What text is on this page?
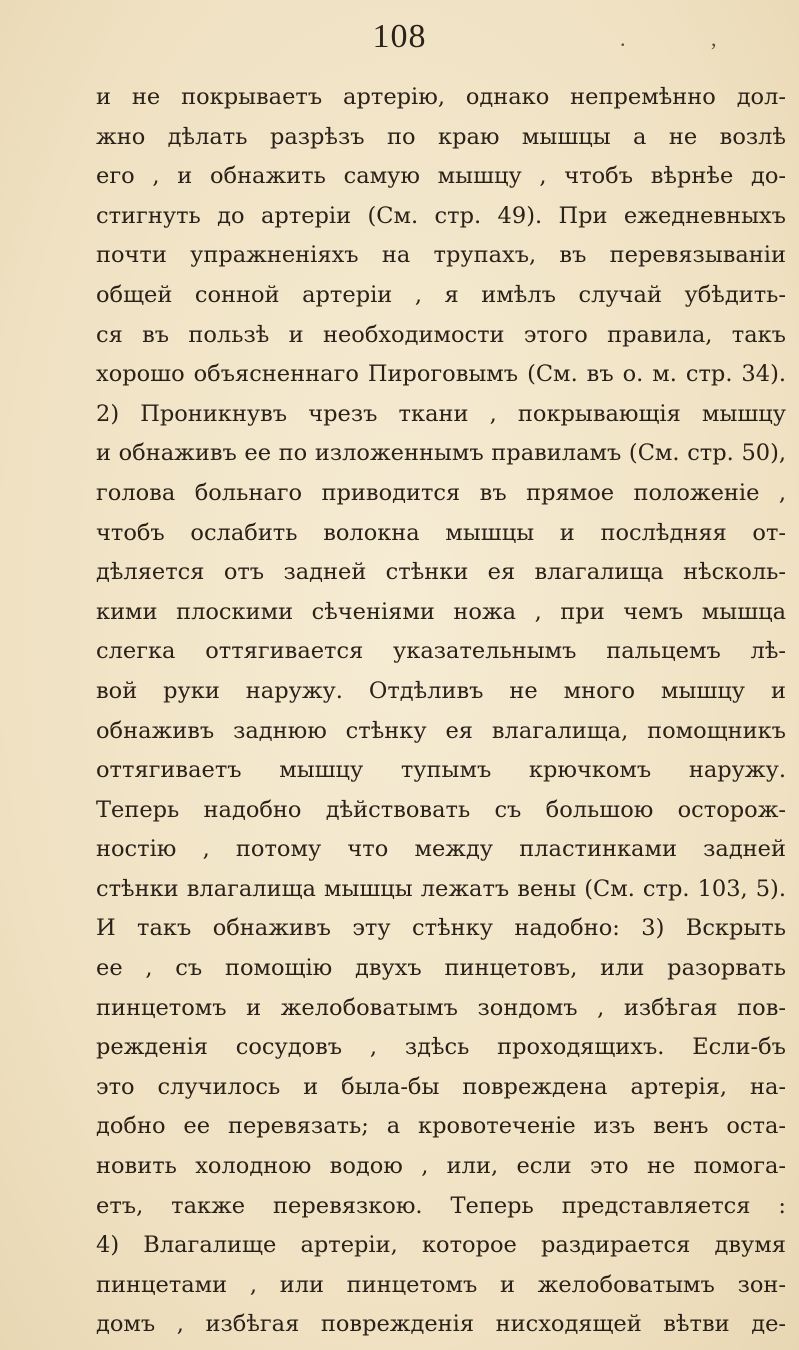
108	. ,
и не покрываетъ артерію, однако непремѣнно дол-
жно дѣлать разрѣзъ по краю мышцы а не возлѣ
его , и обнажить самую мышцу , чтобъ вѣрнѣе до-
стигнуть до артеріи (См. стр. 49). При ежедневныхъ
почти упражненіяхъ на трупахъ, въ перевязываніи
общей сонной артеріи , я имѣлъ случай убѣдить-
ся въ пользѣ и необходимости этого правила, такъ
хорошо объясненнаго Пироговымъ (См. въ о. м. стр. 34).
2) Проникнувъ чрезъ ткани , покрывающія мышцу
и обнаживъ ее по изложеннымъ правиламъ (См. стр. 50),
голова больнаго приводится въ прямое положеніе ,
чтобъ ослабить волокна мышцы и послѣдняя от-
дѣляется отъ задней стѣнки ея влагалища нѣсколь-
кими плоскими сѣченіями ножа , при чемъ мышца
слегка оттягивается указательнымъ пальцемъ лѣ-
вой руки наружу. Отдѣливъ не много мышцу и
обнаживъ заднюю стѣнку ея влагалища, помощникъ
оттягиваетъ мышцу тупымъ крючкомъ наружу.
Теперь надобно дѣйствовать съ большою осторож-
ностію , потому что между пластинками задней
стѣнки влагалища мышцы лежатъ вены (См. стр. 103, 5).
И такъ обнаживъ эту стѣнку надобно: 3) Вскрыть
ее , съ помощію двухъ пинцетовъ, или разорвать
пинцетомъ и желобоватымъ зондомъ , избѣгая пов-
режденія сосудовъ , здѣсь проходящихъ. Если-бъ
это случилось и была-бы повреждена артерія, на-
добно ее перевязать; а кровотеченіе изъ венъ оста-
новить холодною водою , или, если это не помога-
етъ, также перевязкою. Теперь представляется :
4) Влагалище артеріи, которое раздирается двумя
пинцетами , или пинцетомъ и желобоватымъ зон-
домъ , избѣгая поврежденія нисходящей вѣтви де-
